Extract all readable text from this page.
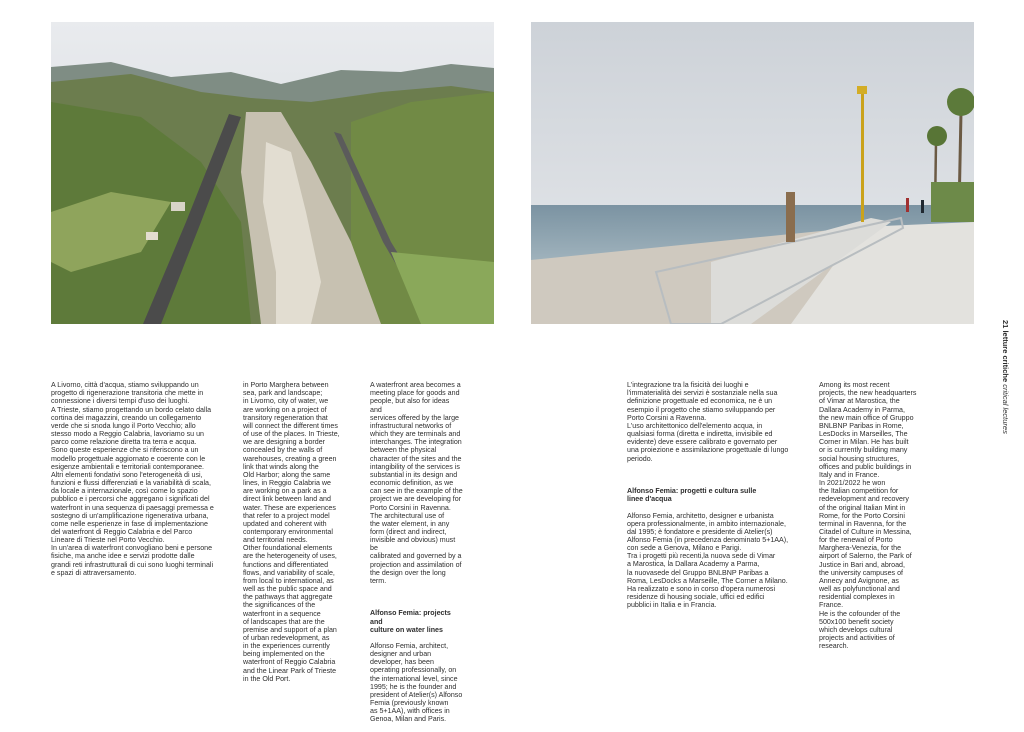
A Livorno, città d'acqua, stiamo sviluppando un
progetto di rigenerazione transitoria che mette in
connessione i diversi tempi d'uso dei luoghi.
A Trieste, stiamo progettando un bordo celato dalla
cortina dei magazzini, creando un collegamento
verde che si snoda lungo il Porto Vecchio; allo
stesso modo a Reggio Calabria, lavoriamo su un
parco come relazione diretta tra terra e acqua.
Sono queste esperienze che si riferiscono a un
modello progettuale aggiornato e coerente con le
esigenze ambientali e territoriali contemporanee.
Altri elementi fondativi sono l'eterogeneità di usi,
funzioni e flussi differenziati e la variabilità di scala,
da locale a internazionale, così come lo spazio
pubblico e i percorsi che aggregano i significati del
waterfront in una sequenza di paesaggi premessa e
sostegno di un'amplificazione rigenerativa urbana,
come nelle esperienze in fase di implementazione
del waterfront di Reggio Calabria e del Parco
Lineare di Trieste nel Porto Vecchio.
In un'area di waterfront convogliano beni e persone
fisiche, ma anche idee e servizi prodotte dalle
grandi reti infrastrutturali di cui sono luoghi terminali
e spazi di attraversamento.

in Porto Marghera between
sea, park and landscape;
in Livorno, city of water, we
are working on a project of
transitory regeneration that
will connect the different times
of use of the places. In Trieste,
we are designing a border
concealed by the walls of
warehouses, creating a green
link that winds along the
Old Harbor; along the same
lines, in Reggio Calabria we
are working on a park as a
direct link between land and
water. These are experiences
that refer to a project model
updated and coherent with
contemporary environmental
and territorial needs.
Other foundational elements
are the heterogeneity of uses,
functions and differentiated
flows, and variability of scale,
from local to international, as
well as the public space and
the pathways that aggregate
the significances of the
waterfront in a sequence
of landscapes that are the
premise and support of a plan
of urban redevelopment, as
in the experiences currently
being implemented on the
waterfront of Reggio Calabria
and the Linear Park of Trieste
in the Old Port.

A waterfront area becomes a
meeting place for goods and
people, but also for ideas and
services offered by the large
infrastructural networks of
which they are terminals and
interchanges. The integration
between the physical
character of the sites and the
intangibility of the services is
substantial in its design and
economic definition, as we
can see in the example of the
project we are developing for
Porto Corsini in Ravenna.
The architectural use of
the water element, in any
form (direct and indirect,
invisible and obvious) must be
calibrated and governed by a
projection and assimilation of
the design over the long term.

Alfonso Femia: projects and
culture on water lines

Alfonso Femia, architect,
designer and urban
developer, has been
operating professionally, on
the international level, since
1995; he is the founder and
president of Atelier(s) Alfonso
Femia (previously known
as 5+1AA), with offices in
Genoa, Milan and Paris.

L'integrazione tra la fisicità dei luoghi e
l'immaterialità dei servizi è sostanziale nella sua
definizione progettuale ed economica, ne è un
esempio il progetto che stiamo sviluppando per
Porto Corsini a Ravenna.
L'uso architettonico dell'elemento acqua, in
qualsiasi forma (diretta e indiretta, invisibile ed
evidente) deve essere calibrato e governato per
una proiezione e assimilazione progettuale di lungo
periodo.

Alfonso Femia: progetti e cultura sulle
linee d'acqua

Alfonso Femia, architetto, designer e urbanista
opera professionalmente, in ambito internazionale,
dal 1995; è fondatore e presidente di Atelier(s)
Alfonso Femia (in precedenza denominato 5+1AA),
con sede a Genova, Milano e Parigi.
Tra i progetti più recenti,la nuova sede di Vimar
a Marostica, la Dallara Academy a Parma,
la nuovasede del Gruppo BNLBNP Paribas a
Roma, LesDocks a Marseille, The Corner a Milano.
Ha realizzato e sono in corso d'opera numerosi
residenze di housing sociale, uffici ed edifici
pubblici in Italia e in Francia.

Among its most recent
projects, the new headquarters
of Vimar at Marostica, the
Dallara Academy in Parma,
the new main office of Gruppo
BNLBNP Paribas in Rome,
LesDocks in Marseilles, The
Corner in Milan. He has built
or is currently building many
social housing structures,
offices and public buildings in
Italy and in France.
In 2021/2022 he won
the Italian competition for
redevelopment and recovery
of the original Italian Mint in
Rome, for the Porto Corsini
terminal in Ravenna, for the
Citadel of Culture in Messina,
for the renewal of Porto
Marghera-Venezia, for the
airport of Salerno, the Park of
Justice in Bari and, abroad,
the university campuses of
Annecy and Avignone, as
well as polyfunctional and
residential complexes in
France.
He is the cofounder of the
500x100 benefit society
which develops cultural
projects and activities of
research.

21 letture critiche critical lectures
